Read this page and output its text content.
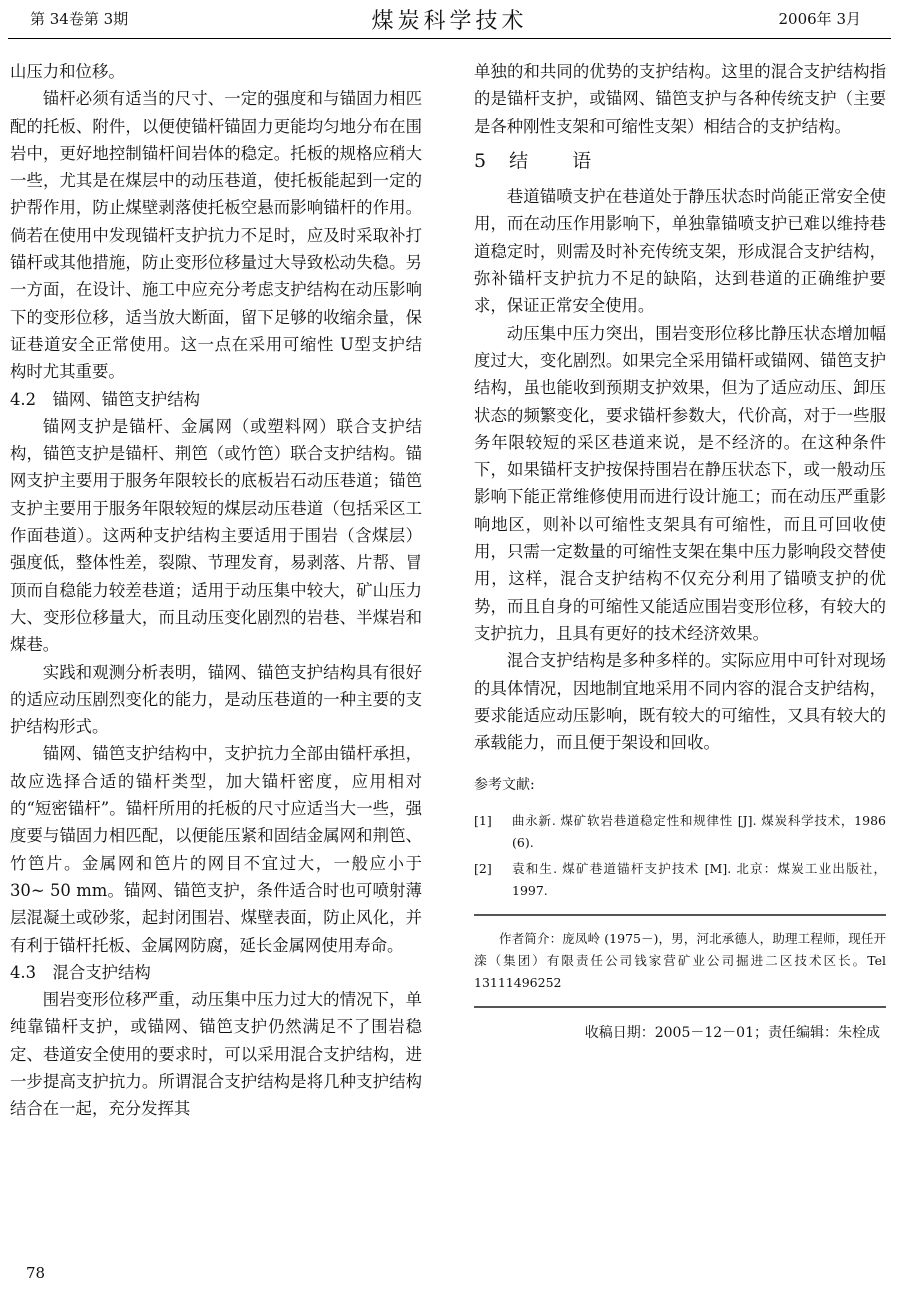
第 34卷第 3期	煤炭科学技术	2006年 3月

山压力和位移。

锚杆必须有适当的尺寸、一定的强度和与锚固力相匹配的托板、附件，以便使锚杆锚固力更能均匀地分布在围岩中，更好地控制锚杆间岩体的稳定。托板的规格应稍大一些，尤其是在煤层中的动压巷道，使托板能起到一定的护帮作用，防止煤壁剥落使托板空悬而影响锚杆的作用。倘若在使用中发现锚杆支护抗力不足时，应及时采取补打锚杆或其他措施，防止变形位移量过大导致松动失稳。另一方面，在设计、施工中应充分考虑支护结构在动压影响下的变形位移，适当放大断面，留下足够的收缩余量，保证巷道安全正常使用。这一点在采用可缩性 U型支护结构时尤其重要。

4.2　锚网、锚笆支护结构

锚网支护是锚杆、金属网（或塑料网）联合支护结构，锚笆支护是锚杆、荆笆（或竹笆）联合支护结构。锚网支护主要用于服务年限较长的底板岩石动压巷道；锚笆支护主要用于服务年限较短的煤层动压巷道（包括采区工作面巷道）。这两种支护结构主要适用于围岩（含煤层）强度低，整体性差，裂隙、节理发育，易剥落、片帮、冒顶而自稳能力较差巷道；适用于动压集中较大，矿山压力大、变形位移量大，而且动压变化剧烈的岩巷、半煤岩和煤巷。

实践和观测分析表明，锚网、锚笆支护结构具有很好的适应动压剧烈变化的能力，是动压巷道的一种主要的支护结构形式。

锚网、锚笆支护结构中，支护抗力全部由锚杆承担，故应选择合适的锚杆类型，加大锚杆密度，应用相对的“短密锚杆”。锚杆所用的托板的尺寸应适当大一些，强度要与锚固力相匹配，以便能压紧和固结金属网和荆笆、竹笆片。金属网和笆片的网目不宜过大，一般应小于 30~ 50 mm。锚网、锚笆支护，条件适合时也可喷射薄层混凝土或砂浆，起封闭围岩、煤壁表面，防止风化，并有利于锚杆托板、金属网防腐，延长金属网使用寿命。

4.3　混合支护结构

围岩变形位移严重，动压集中压力过大的情况下，单纯靠锚杆支护，或锚网、锚笆支护仍然满足不了围岩稳定、巷道安全使用的要求时，可以采用混合支护结构，进一步提高支护抗力。所谓混合支护结构是将几种支护结构结合在一起，充分发挥其

单独的和共同的优势的支护结构。这里的混合支护结构指的是锚杆支护，或锚网、锚笆支护与各种传统支护（主要是各种刚性支架和可缩性支架）相结合的支护结构。

5　结　　语

巷道锚喷支护在巷道处于静压状态时尚能正常安全使用，而在动压作用影响下，单独靠锚喷支护已难以维持巷道稳定时，则需及时补充传统支架，形成混合支护结构，弥补锚杆支护抗力不足的缺陷，达到巷道的正确维护要求，保证正常安全使用。

动压集中压力突出，围岩变形位移比静压状态增加幅度过大，变化剧烈。如果完全采用锚杆或锚网、锚笆支护结构，虽也能收到预期支护效果，但为了适应动压、卸压状态的频繁变化，要求锚杆参数大，代价高，对于一些服务年限较短的采区巷道来说，是不经济的。在这种条件下，如果锚杆支护按保持围岩在静压状态下，或一般动压影响下能正常维修使用而进行设计施工；而在动压严重影响地区，则补以可缩性支架具有可缩性，而且可回收使用，只需一定数量的可缩性支架在集中压力影响段交替使用，这样，混合支护结构不仅充分利用了锚喷支护的优势，而且自身的可缩性又能适应围岩变形位移，有较大的支护抗力，且具有更好的技术经济效果。

混合支护结构是多种多样的。实际应用中可针对现场的具体情况，因地制宜地采用不同内容的混合支护结构，要求能适应动压影响，既有较大的可缩性，又具有较大的承载能力，而且便于架设和回收。

参考文献:
[1]	曲永新. 煤矿软岩巷道稳定性和规律性 [J]. 煤炭科学技术，1986 (6).
[2]	袁和生. 煤矿巷道锚杆支护技术 [M]. 北京：煤炭工业出版社，1997.
作者简介：庞凤岭 (1975－)，男，河北承德人，助理工程师，现任开滦（集团）有限责任公司钱家营矿业公司掘进二区技术区长。Tel 13111496252
收稿日期：2005－12－01；责任编辑：朱栓成
78
